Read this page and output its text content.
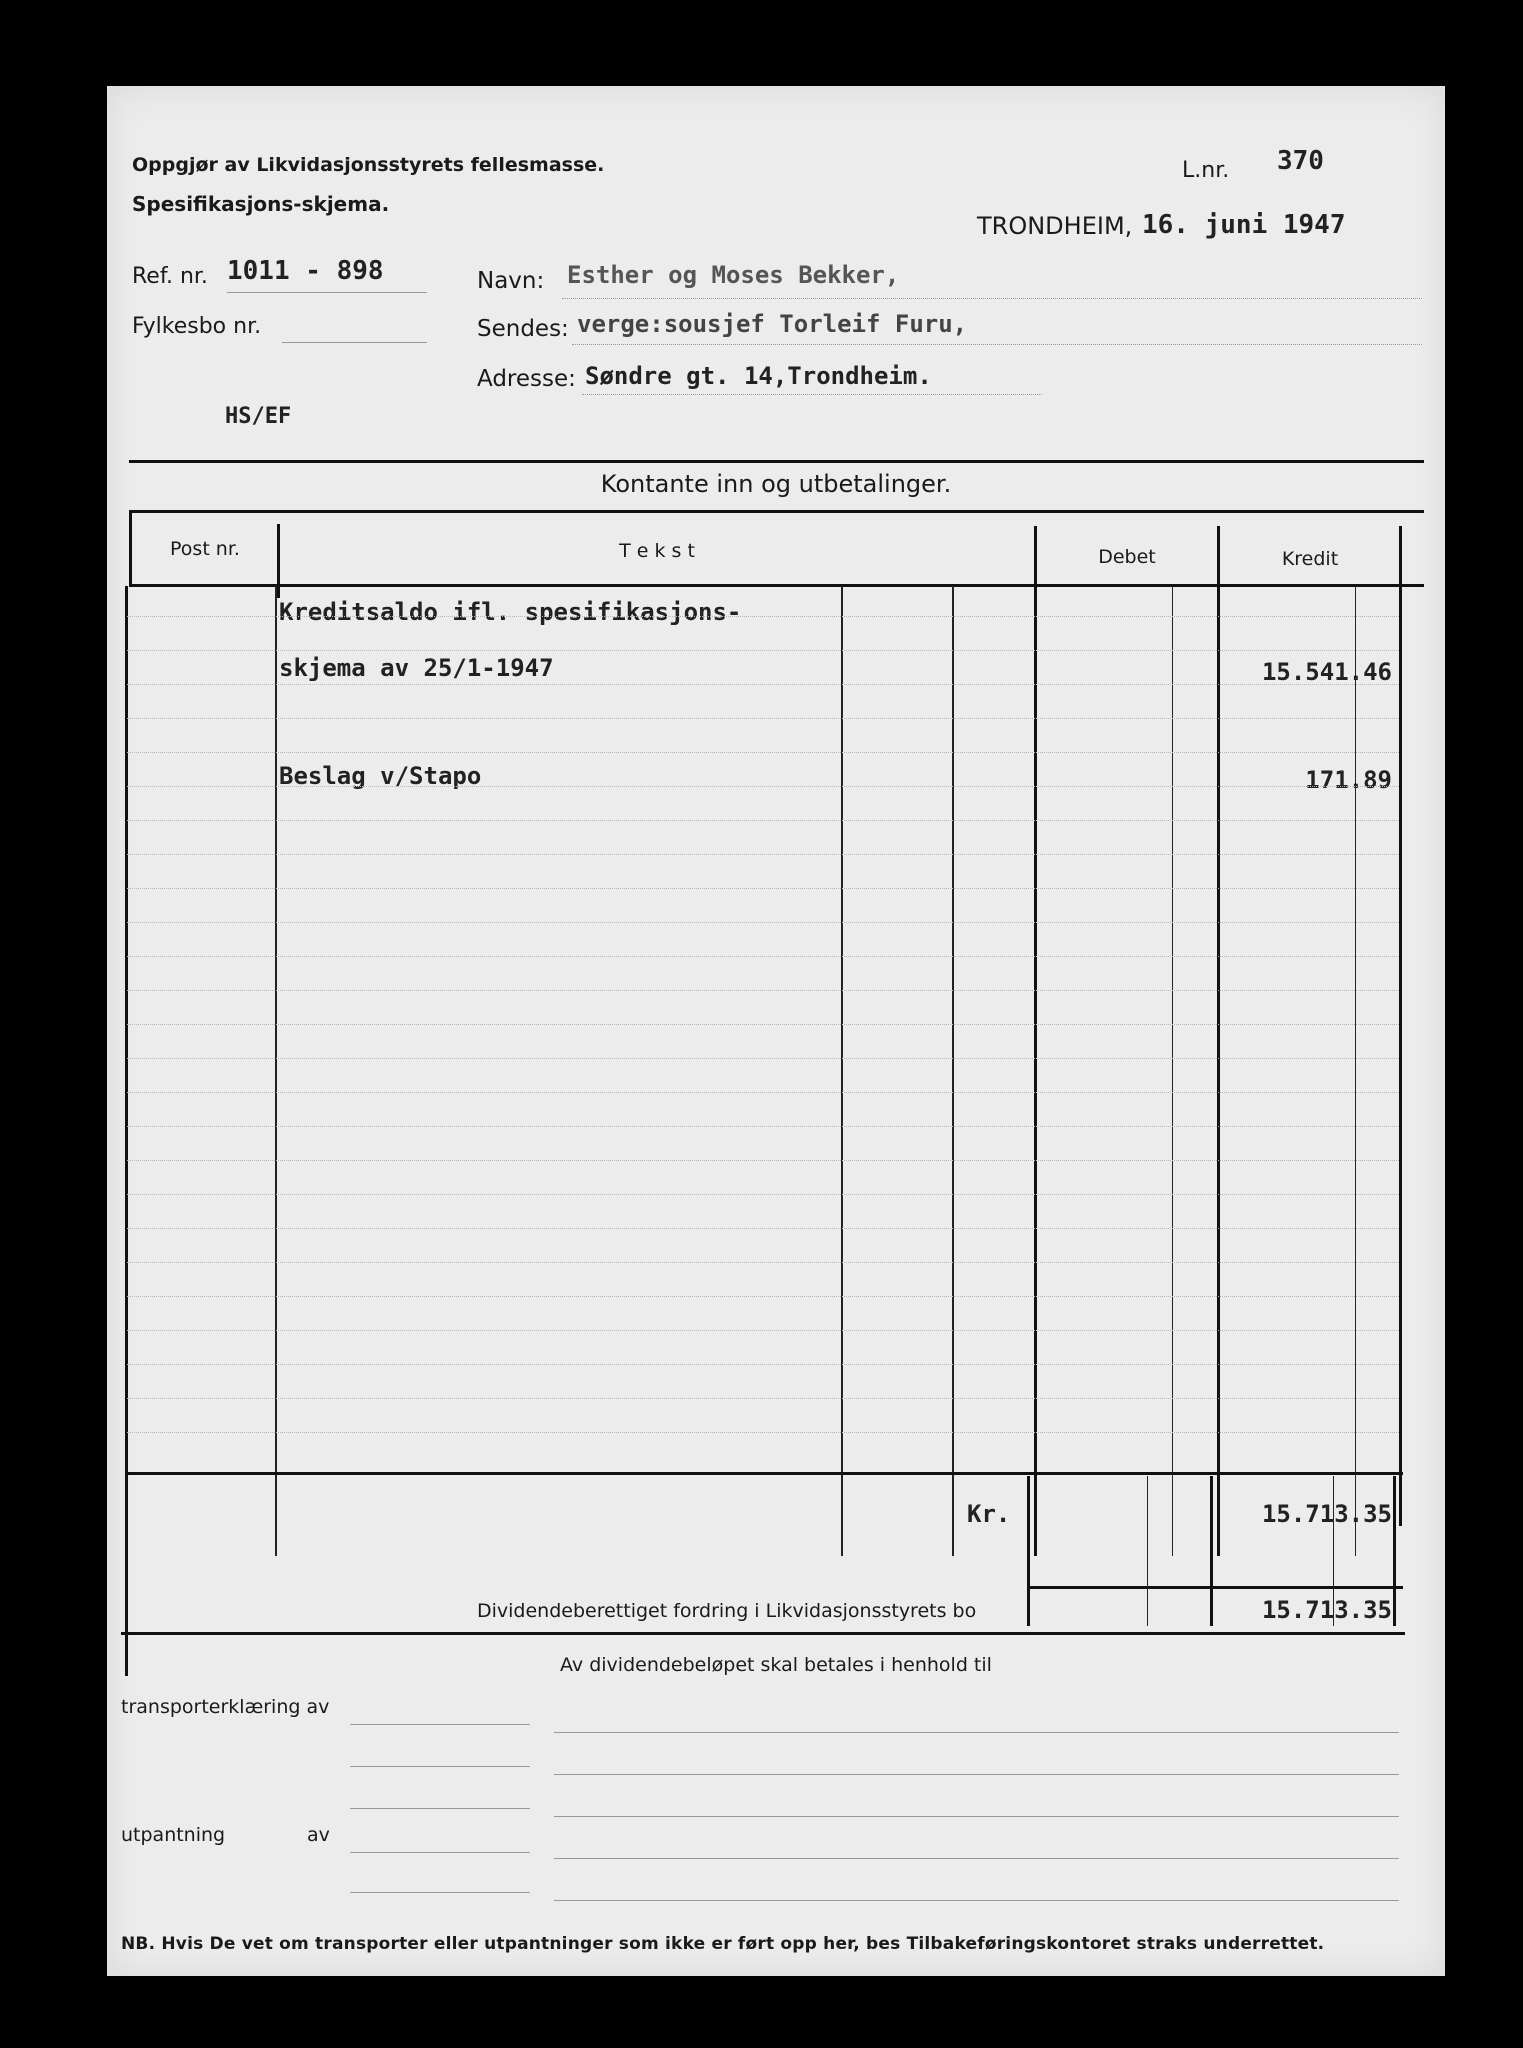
Oppgjør av Likvidasjonsstyrets fellesmasse.
Spesifikasjons-skjema.
L.nr. 370
TRONDHEIM, 16. juni 1947
Ref. nr. 1011 - 898
Fylkesbo nr.
HS/EF
Navn: Esther og Moses Bekker,
Sendes: verge:sousjef Torleif Furu,
Adresse: Søndre gt. 14,Trondheim.
Kontante inn og utbetalinger.
Post nr.	T e k s t	Debet	Kredit
Kreditsaldo ifl. spesifikasjons-
skjema av 25/1-1947	15.541.46
Beslag v/Stapo	171.89
Kr.	15.713.35
Dividendeberettiget fordring i Likvidasjonsstyrets bo	15.713.35
Av dividendebeløpet skal betales i henhold til
transporterklæring av
utpantning	av
NB. Hvis De vet om transporter eller utpantninger som ikke er ført opp her, bes Tilbakeføringskontoret straks underrettet.
